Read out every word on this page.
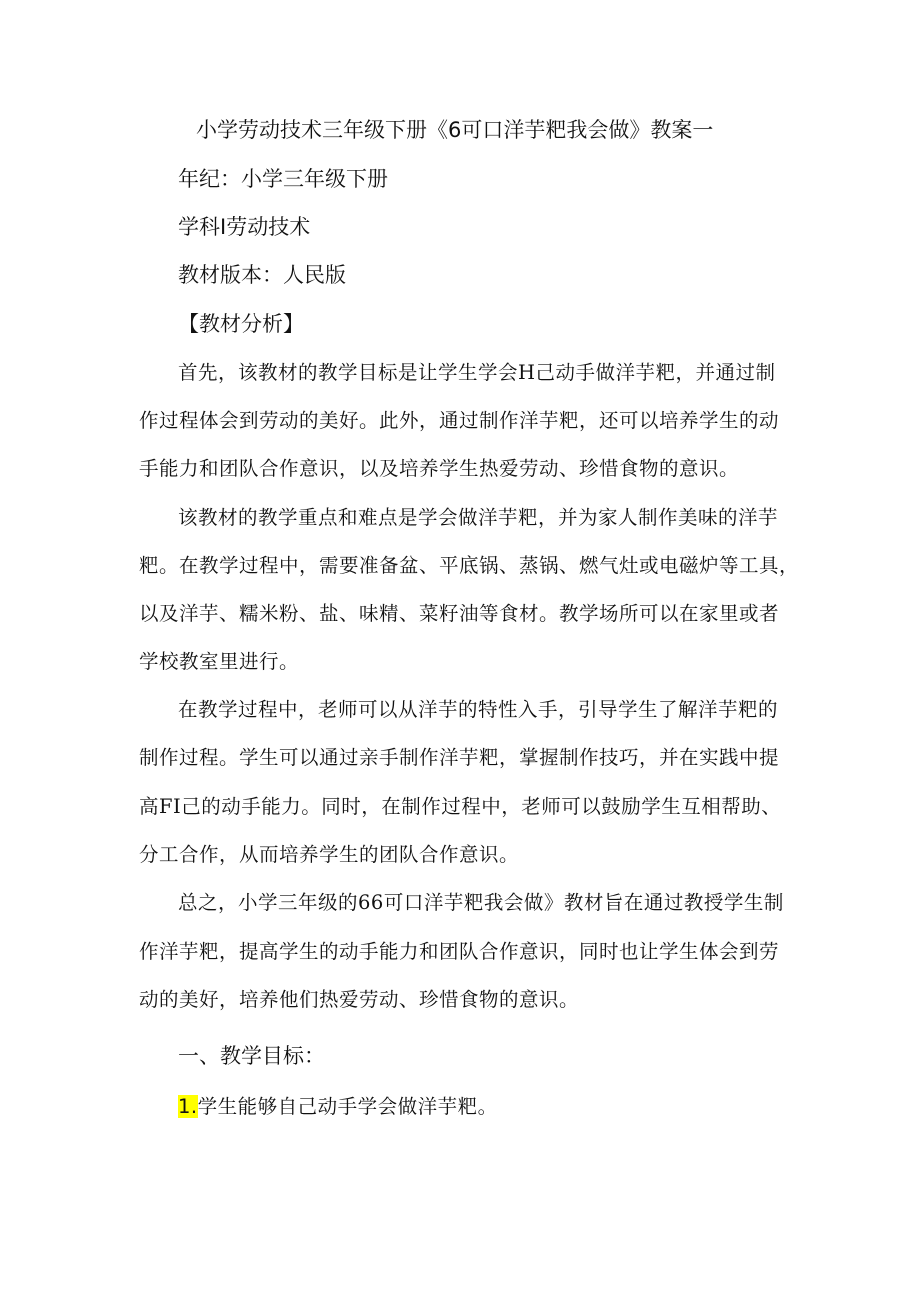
小学劳动技术三年级下册《6可口洋芋粑我会做》教案一
年纪：小学三年级下册
学科I劳动技术
教材版本：人民版
【教材分析】
首先，该教材的教学目标是让学生学会H己动手做洋芋粑，并通过制
作过程体会到劳动的美好。此外，通过制作洋芋粑，还可以培养学生的动
手能力和团队合作意识，以及培养学生热爱劳动、珍惜食物的意识。
该教材的教学重点和难点是学会做洋芋粑，并为家人制作美味的洋芋
粑。在教学过程中，需要准备盆、平底锅、蒸锅、燃气灶或电磁炉等工具，
以及洋芋、糯米粉、盐、味精、菜籽油等食材。教学场所可以在家里或者
学校教室里进行。
在教学过程中，老师可以从洋芋的特性入手，引导学生了解洋芋粑的
制作过程。学生可以通过亲手制作洋芋粑，掌握制作技巧，并在实践中提
高FI己的动手能力。同时，在制作过程中，老师可以鼓励学生互相帮助、
分工合作，从而培养学生的团队合作意识。
总之，小学三年级的66可口洋芋粑我会做》教材旨在通过教授学生制
作洋芋粑，提高学生的动手能力和团队合作意识，同时也让学生体会到劳
动的美好，培养他们热爱劳动、珍惜食物的意识。
一、教学目标：
1.学生能够自己动手学会做洋芋粑。
